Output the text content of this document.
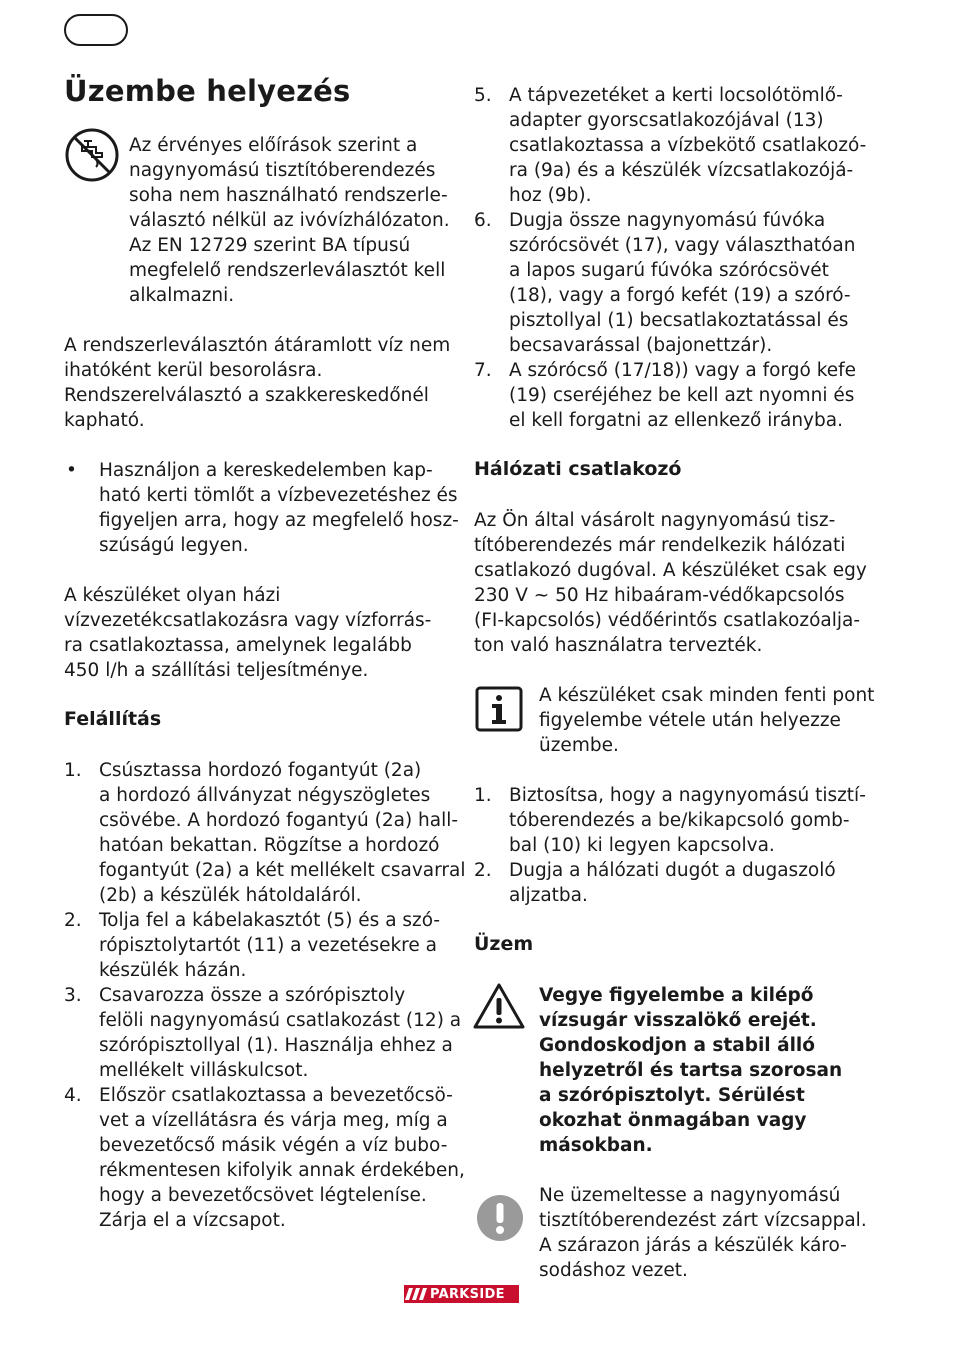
Üzembe helyezés
Az érvényes előírások szerint a
nagynyomású tisztítóberendezés
soha nem használható rendszerle-
választó nélkül az ivóvízhálózaton.
Az EN 12729 szerint BA típusú
megfelelő rendszerleválasztót kell
alkalmazni.
A rendszerleválasztón átáramlott víz nem
ihatóként kerül besorolásra.
Rendszerelválasztó a szakkereskedőnél
kapható.
• Használjon a kereskedelemben kap-
ható kerti tömlőt a vízbevezetéshez és
figyeljen arra, hogy az megfelelő hosz-
szúságú legyen.
A készüléket olyan házi
vízvezetékcsatlakozásra vagy vízforrás-
ra csatlakoztassa, amelynek legalább
450 l/h a szállítási teljesítménye.
Felállítás
1. Csúsztassa hordozó fogantyút (2a)
a hordozó állványzat négyszögletes
csövébe. A hordozó fogantyú (2a) hall-
hatóan bekattan. Rögzítse a hordozó
fogantyút (2a) a két mellékelt csavarral
(2b) a készülék hátoldaláról.
2. Tolja fel a kábelakasztót (5) és a szó-
rópisztolytartót (11) a vezetésekre a
készülék házán.
3. Csavarozza össze a szórópisztoly
felöli nagynyomású csatlakozást (12) a
szórópisztollyal (1). Használja ehhez a
mellékelt villáskulcsot.
4. Először csatlakoztassa a bevezetőcsö-
vet a vízellátásra és várja meg, míg a
bevezetőcső másik végén a víz bubo-
rékmentesen kifolyik annak érdekében,
hogy a bevezetőcsövet légteleníse.
Zárja el a vízcsapot.
5. A tápvezetéket a kerti locsolótömlő-
adapter gyorscsatlakozójával (13)
csatlakoztassa a vízbekötő csatlakozó-
ra (9a) és a készülék vízcsatlakozójá-
hoz (9b).
6. Dugja össze nagynyomású fúvóka
szórócsövét (17), vagy választhatóan
a lapos sugarú fúvóka szórócsövét
(18), vagy a forgó kefét (19) a szóró-
pisztollyal (1) becsatlakoztatással és
becsavarással (bajonettzár).
7. A szórócső (17/18)) vagy a forgó kefe
(19) cseréjéhez be kell azt nyomni és
el kell forgatni az ellenkező irányba.
Hálózati csatlakozó
Az Ön által vásárolt nagynyomású tisz-
títóberendezés már rendelkezik hálózati
csatlakozó dugóval. A készüléket csak egy
230 V ~ 50 Hz hibaáram-védőkapcsolós
(FI-kapcsolós) védőérintős csatlakozóalja-
ton való használatra tervezték.
A készüléket csak minden fenti pont
figyelembe vétele után helyezze
üzembe.
1. Biztosítsa, hogy a nagynyomású tisztí-
tóberendezés a be/kikapcsoló gomb-
bal (10) ki legyen kapcsolva.
2. Dugja a hálózati dugót a dugaszoló
aljzatba.
Üzem
Vegye figyelembe a kilépő
vízsugár visszalökő erejét.
Gondoskodjon a stabil álló
helyzetről és tartsa szorosan
a szórópisztolyt. Sérülést
okozhat önmagában vagy
másokban.
Ne üzemeltesse a nagynyomású
tisztítóberendezést zárt vízcsappal.
A szárazon járás a készülék káro-
sodáshoz vezet.
PARKSIDE
